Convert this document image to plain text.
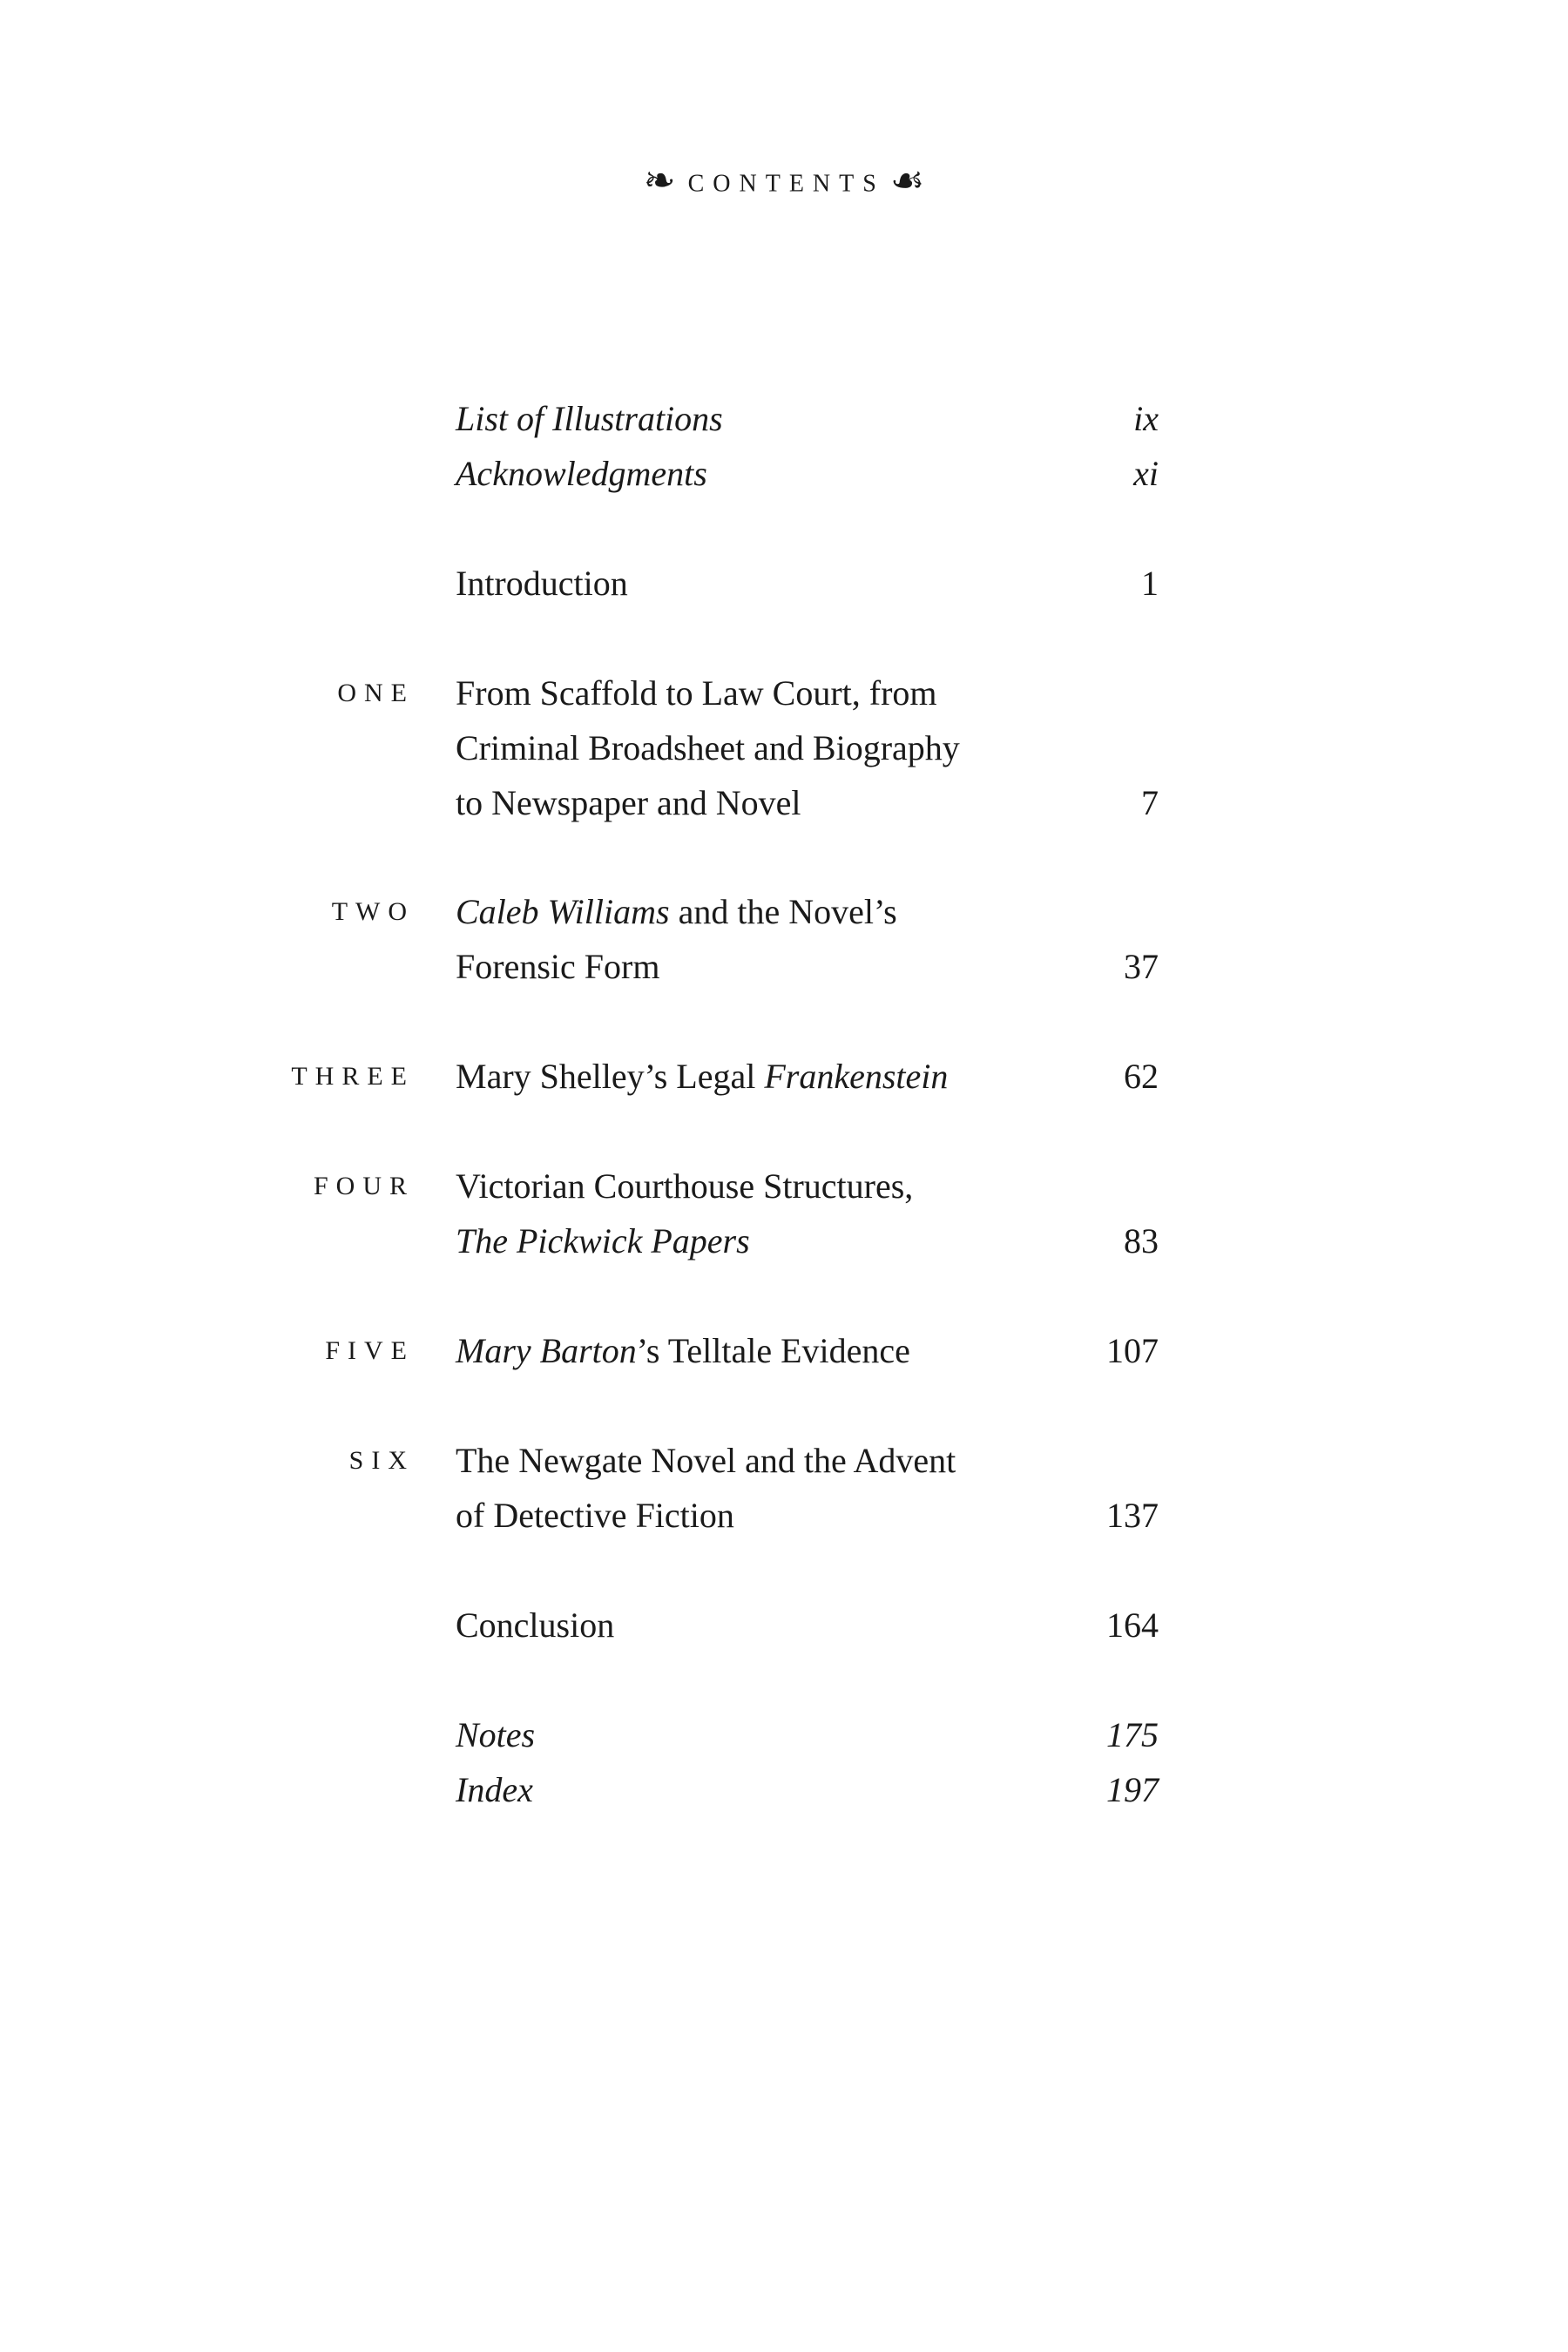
❧ CONTENTS ☙
List of Illustrations	ix
Acknowledgments	xi
Introduction	1
ONE From Scaffold to Law Court, from
Criminal Broadsheet and Biography
to Newspaper and Novel	7
TWO Caleb Williams and the Novel’s
Forensic Form	37
THREE Mary Shelley’s Legal Frankenstein	62
FOUR Victorian Courthouse Structures,
The Pickwick Papers	83
FIVE Mary Barton’s Telltale Evidence	107
SIX The Newgate Novel and the Advent
of Detective Fiction	137
Conclusion	164
Notes	175
Index	197
